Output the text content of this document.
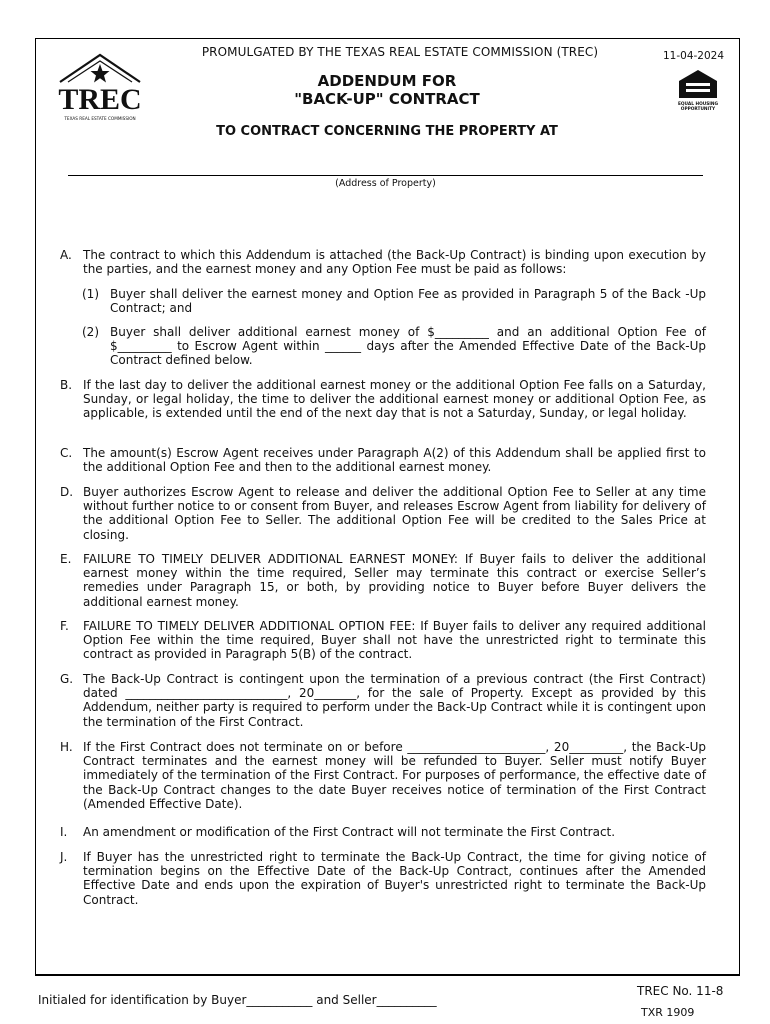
TREC
TEXAS REAL ESTATE COMMISSION
EQUAL HOUSING
OPPORTUNITY
PROMULGATED BY THE TEXAS REAL ESTATE COMMISSION (TREC)	11-04-2024
ADDENDUM FOR
"BACK-UP" CONTRACT
TO CONTRACT CONCERNING THE PROPERTY AT
(Address of Property)
A. The contract to which this Addendum is attached (the Back-Up Contract) is binding upon execution by the parties, and the earnest money and any Option Fee must be paid as follows:
(1) Buyer shall deliver the earnest money and Option Fee as provided in Paragraph 5 of the Back -Up Contract; and
(2) Buyer shall deliver additional earnest money of $_________ and an additional Option Fee of $_________ to Escrow Agent within ______ days after the Amended Effective Date of the Back-Up Contract defined below.
B. If the last day to deliver the additional earnest money or the additional Option Fee falls on a Saturday, Sunday, or legal holiday, the time to deliver the additional earnest money or additional Option Fee, as applicable, is extended until the end of the next day that is not a Saturday, Sunday, or legal holiday.
C. The amount(s) Escrow Agent receives under Paragraph A(2) of this Addendum shall be applied first to the additional Option Fee and then to the additional earnest money.
D. Buyer authorizes Escrow Agent to release and deliver the additional Option Fee to Seller at any time without further notice to or consent from Buyer, and releases Escrow Agent from liability for delivery of the additional Option Fee to Seller. The additional Option Fee will be credited to the Sales Price at closing.
E. FAILURE TO TIMELY DELIVER ADDITIONAL EARNEST MONEY: If Buyer fails to deliver the additional earnest money within the time required, Seller may terminate this contract or exercise Seller’s remedies under Paragraph 15, or both, by providing notice to Buyer before Buyer delivers the additional earnest money.
F. FAILURE TO TIMELY DELIVER ADDITIONAL OPTION FEE: If Buyer fails to deliver any required additional Option Fee within the time required, Buyer shall not have the unrestricted right to terminate this contract as provided in Paragraph 5(B) of the contract.
G. The Back-Up Contract is contingent upon the termination of a previous contract (the First Contract) dated ___________________________, 20_______, for the sale of Property. Except as provided by this Addendum, neither party is required to perform under the Back-Up Contract while it is contingent upon the termination of the First Contract.
H. If the First Contract does not terminate on or before _______________________, 20_________, the Back-Up Contract terminates and the earnest money will be refunded to Buyer. Seller must notify Buyer immediately of the termination of the First Contract. For purposes of performance, the effective date of the Back-Up Contract changes to the date Buyer receives notice of termination of the First Contract (Amended Effective Date).
I. An amendment or modification of the First Contract will not terminate the First Contract.
J. If Buyer has the unrestricted right to terminate the Back-Up Contract, the time for giving notice of termination begins on the Effective Date of the Back-Up Contract, continues after the Amended Effective Date and ends upon the expiration of Buyer's unrestricted right to terminate the Back-Up Contract.
Initialed for identification by Buyer___________ and Seller__________
TREC No. 11-8
TXR 1909
